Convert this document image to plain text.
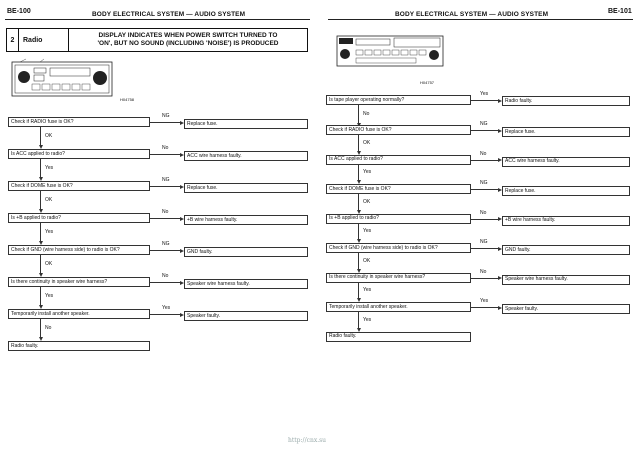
BE-100	BODY ELECTRICAL SYSTEM — AUDIO SYSTEM
2	Radio
DISPLAY INDICATES WHEN POWER SWITCH TURNED TO
'ON', BUT NO SOUND (INCLUDING 'NOISE') IS PRODUCED
H04758
Check if RADIO fuse is OK?
NG
Replace fuse.
OK
Is ACC applied to radio?
No
ACC wire harness faulty.
Yes
Check if DOME fuse is OK?
NG
Replace fuse.
OK
Is +B applied to radio?
No
+B wire harness faulty.
Yes
Check if GND (wire harness side) to radio is OK?
NG
GND faulty.
OK
Is there continuity in speaker wire harness?
No
Speaker wire harness faulty.
Yes
Temporarily install another speaker.
Yes
Speaker faulty.
No
Radio faulty.
BODY ELECTRICAL SYSTEM — AUDIO SYSTEM	BE-101
H04757
Is tape player operating normally?
Yes
Radio faulty.
No
Check if RADIO fuse is OK?
NG
Replace fuse.
OK
Is ACC applied to radio?
No
ACC wire harness faulty.
Yes
Check if DOME fuse is OK?
NG
Replace fuse.
OK
Is +B applied to radio?
No
+B wire harness faulty.
Yes
Check if GND (wire harness side) to radio is OK?
NG
GND faulty.
OK
Is there continuity in speaker wire harness?
No
Speaker wire harness faulty.
Yes
Temporarily install another speaker.
Yes
Speaker faulty.
Yes
Radio faulty.
http://cnx.su
